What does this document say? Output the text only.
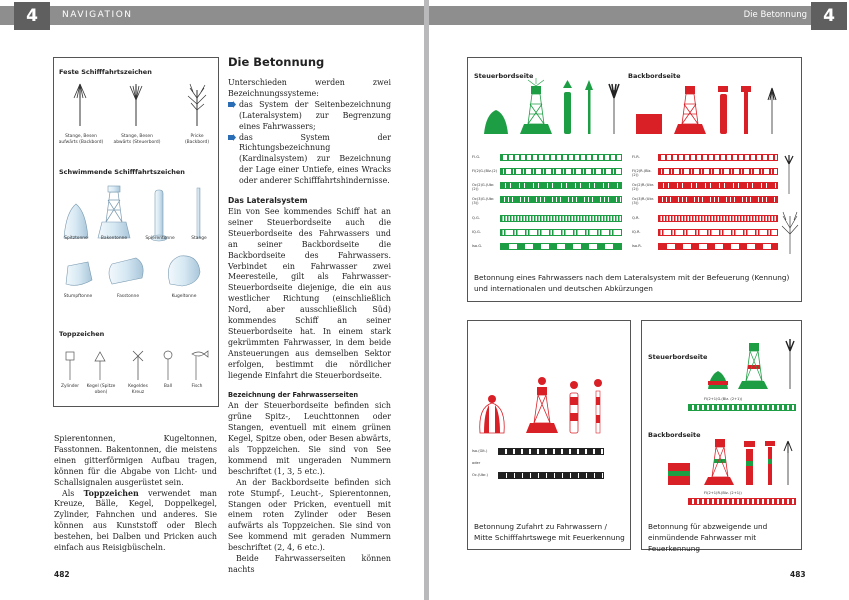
NAVIGATION
4
Feste Schifffahrtszeichen
Stange, Besen aufwärts (Backbord)
Stange, Besen abwärts (Steuerbord)
Pricke (Backbord)
Schwimmende Schifffahrtszeichen
Spitztonne	Bakentonne	Spierentonne	Stange
Stumpftonne	Fasstonne	Kugeltonne
Toppzeichen
Zylinder	Kegel (Spitze oben)
Kegeldes Kreuz
Ball	Fisch

Spierentonnen, Kugeltonnen, Fasstonnen. Bakentonnen, die meistens einen gitterförmigen Aufbau tragen, können für die Abgabe von Licht- und Schallsignalen ausgerüstet sein.

Als Toppzeichen verwendet man Kreuze, Bälle, Kegel, Doppelkegel, Zylinder, Fahnchen und anderes. Sie können aus Kunststoff oder Blech bestehen, bei Dalben und Pricken auch einfach aus Reisigbüscheln.

Die Betonnung

Unterschieden werden zwei Bezeichnungssysteme:

das System der Seitenbezeichnung (Lateralsystem) zur Begrenzung eines Fahrwassers;

das System der Richtungsbezeichnung (Kardinalsystem) zur Bezeichnung der Lage einer Untiefe, eines Wracks oder anderer Schifffahrtshindernisse.

Das Lateralsystem

Ein von See kommendes Schiff hat an seiner Steuerbordseite auch die Steuerbordseite des Fahrwassers und an seiner Backbordseite die Backbordseite des Fahrwassers. Verbindet ein Fahrwasser zwei Meeresteile, gilt als Fahrwasser-Steuerbordseite diejenige, die ein aus westlicher Richtung (einschließlich Nord, aber ausschließlich Süd) kommendes Schiff an seiner Steuerbordseite hat. In einem stark gekrümmten Fahrwasser, in dem beide Ansteuerungen aus demselben Sektor erfolgen, bestimmt die nördlicher liegende Einfahrt die Steuerbordseite.

Bezeichnung der Fahrwasserseiten

An der Steuerbordseite befinden sich grüne Spitz-, Leuchttonnen oder Stangen, eventuell mit einem grünen Kegel, Spitze oben, oder Besen abwärts, als Toppzeichen. Sie sind von See kommend mit ungeraden Nummern beschriftet (1, 3, 5 etc.).

An der Backbordseite befinden sich rote Stumpf-, Leucht-, Spierentonnen, Stangen oder Pricken, eventuell mit einem roten Zylinder oder Besen aufwärts als Toppzeichen. Sie sind von See kommend mit geraden Nummern beschriftet (2, 4, 6 etc.).

Beide Fahrwasserseiten können nachts

482
Die Betonnung 4
Steuerbordseite	Backbordseite
Betonnung eines Fahrwassers nach dem Lateralsystem mit der Befeuerung (Kennung) und internationalen und deutschen Abkürzungen
Fl.G.
Fl(2)G.(Blz.(2)
Oc(2)G.(Ubr.(2))
Oc(3)G.(Ubr.(3))
Q.G.
IQ.G.
Iso.G.
Fl.R.
Fl(2)R.(Blz.(2))
Oc(2)R.(Ubr.(2))
Oc(3)R.(Ubr.(3))
Q.R.
IQ.R.
Iso.R.
Iso.(Glt.)
oder
Oc.(Ubr.)
Betonnung Zufahrt zu Fahrwassern / Mitte Schifffahrtswege mit Feuerkennung
Steuerbordseite
Fl(2+1)G.(Blz. (2+1))
Backbordseite
Fl(2+1)R.(Blz. (2+1))
Betonnung für abzweigende und einmündende Fahrwasser mit Feuerkennung
483
